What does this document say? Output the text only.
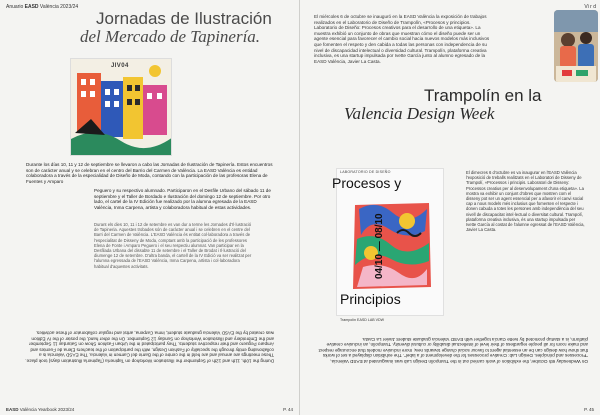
Anuario EASD València 2023/24
Jornadas de Ilustración
del Mercado de Tapinería.
JIV04

Durante los días 10, 11 y 12 de septiembre se llevaron a cabo las Jornadas de Ilustración de Tapinería. Estos encuentros son de carácter anual y se celebran en el centro del Barrio del Carmen de València. La EASD València es entidad colaboradora a través de la especialidad de Diseño de Moda, contando con la participación de las profesoras Elena de Fuentes y Amparo

Peguero y su respectivo alumnado. Participaron en el Desfile Urbano del sábado 11 de septiembre y el Taller de Bordado e Ilustración del domingo 12 de septiembre. Por otro lado, el cartel de la IV Edición fue realizado por la alumna egresada de la EASD València, Inma Carpena, artista y colaboradora habitual de estas actividades.

Durant els dies 10, 11 i 12 de setembre es van dur a terme les Jornades d'Il·lustració de Tapineria. Aquestes trobades són de caràcter anual i se celebren en el centre del Barri del Carmen de València. L'EASD València és entitat col·laboradora a través de l'especialitat de Disseny de Moda, comptant amb la participació de les professores Elena de Fonte i Amparo Peguero i el seu respectiu alumnat. Van participar en la Desfilada Urbana del dissabte 11 de setembre i el Taller de Brodat i Il·lustració del diumenge 12 de setembre. D'altra banda, el cartell de la IV Edició va ser realitzat per l'alumna egressada de l'EASD València, Inma Carpena, artista i col·laboradora habitual d'aquestes activitats.

During the 10th, 11th and 12th of September the Illustration Workshop on Tapinería (Tapinería Illustration days) took place. These meetings are annual and are held in the centre of the Barrio del Carmen in Valencia. The EASD Valencia is a collaborating entity through the speciality of Fashion Design, with the participation of the teachers Elena de Fuentes and Amparo Peguero and their respective students. They participated in the Urban Fashion Show on Saturday 11 September and the Embroidery and Illustration Workshop on Sunday 12 September. On the other hand, the poster of the IV Edition was created by the EASD Valencia graduate student, Inma Carpena, artist and regular collaborator of these activities.

EASD València Yearbook 2023/24	P. 44
Vi r d

El miércoles 6 de octubre se inauguró en la EASD València la exposición de trabajos realizados en el Laboratorio de Diseño de Trampolín, «Procesos y principios. Laboratorio de Diseño: Procesos creativos para el desarrollo de una etiqueta». La muestra exhibió un conjunto de obras que muestran cómo el diseño puede ser un agente esencial para favorecer el cambio social hacia nuevos modelos más inclusivos que fomenten el respeto y den cabida a todas las personas con independencia de su nivel de discapacidad intelectual o diversidad cultural. Trampolín, plataforma creativa inclusiva, es una startup impulsada por Ivette García junto al alumno egresado de la EASD València, Javier La Casta.

Trampolín en la
Valencia Design Week
LABORATORIO DE DISEÑO
Procesos y
Principios
04/10 — 08/10
Trampolín EASD LAB VDW

El dimecres 6 d'octubre es va inaugurar en l'EASD València l'exposició de treballs realitzats en el Laboratori de Disseny de Trampolí, «Processos i principis. Laboratori de Disseny: Processos creatius per al desenvolupament d'una etiqueta». La mostra va exhibir un conjunt d'obres que mostren com el disseny pot ser un agent essencial per a afavorir el canvi social cap a nous models més inclusius que fomenten el respecte i donen cabuda a totes les persones amb independència del seu nivell de discapacitat intel·lectual o diversitat cultural. Trampolí, plataforma creativa inclusiva, és una startup impulsada per Ivette García al costat de l'alumne egressat de l'EASD València, Javier La Casta.

On Wednesday 6th October, the exhibition of work carried out in the Trampolín Design Lab was inaugurated at EASD Valencia, "Processes and principles. Design Lab: Creative processes for the development of a label". The exhibition displayed a set of works that show how design can be an essential agent to favour social change towards new, more inclusive models that encourage respect and make room for all people regardless of their level of intellectual disability or cultural diversity. Trampolín, an inclusive creative platform, is a startup promoted by Ivette García together with EASD Valencia graduate student Javier La Casta.

P. 45
